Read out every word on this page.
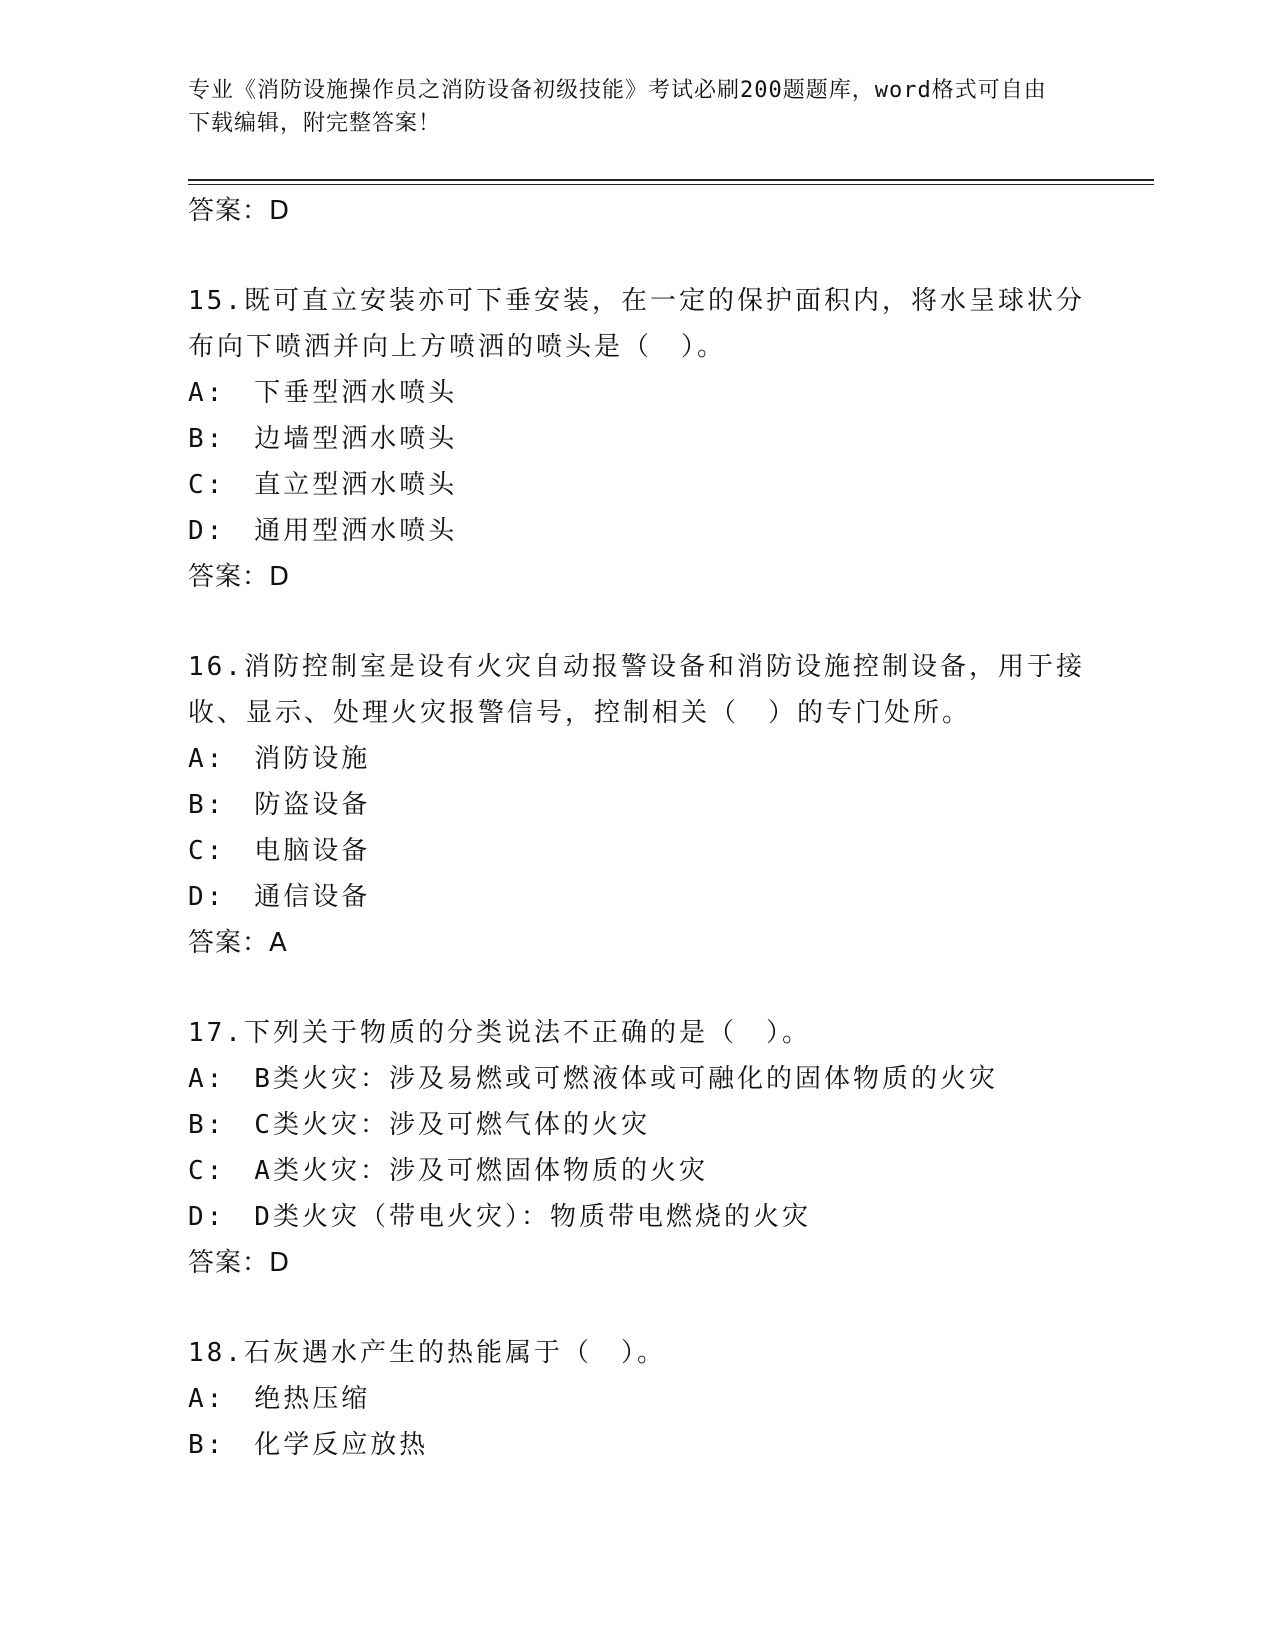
专业《消防设施操作员之消防设备初级技能》考试必刷200题题库，word格式可自由下载编辑，附完整答案！
答案：D
15.既可直立安装亦可下垂安装，在一定的保护面积内，将水呈球状分布向下喷洒并向上方喷洒的喷头是（　）。
A:　下垂型洒水喷头
B:　边墙型洒水喷头
C:　直立型洒水喷头
D:　通用型洒水喷头
答案：D
16.消防控制室是设有火灾自动报警设备和消防设施控制设备，用于接收、显示、处理火灾报警信号，控制相关（　）的专门处所。
A:　消防设施
B:　防盗设备
C:　电脑设备
D:　通信设备
答案：A
17.下列关于物质的分类说法不正确的是（　）。
A:　B类火灾：涉及易燃或可燃液体或可融化的固体物质的火灾
B:　C类火灾：涉及可燃气体的火灾
C:　A类火灾：涉及可燃固体物质的火灾
D:　D类火灾（带电火灾）：物质带电燃烧的火灾
答案：D
18.石灰遇水产生的热能属于（　）。
A:　绝热压缩
B:　化学反应放热
